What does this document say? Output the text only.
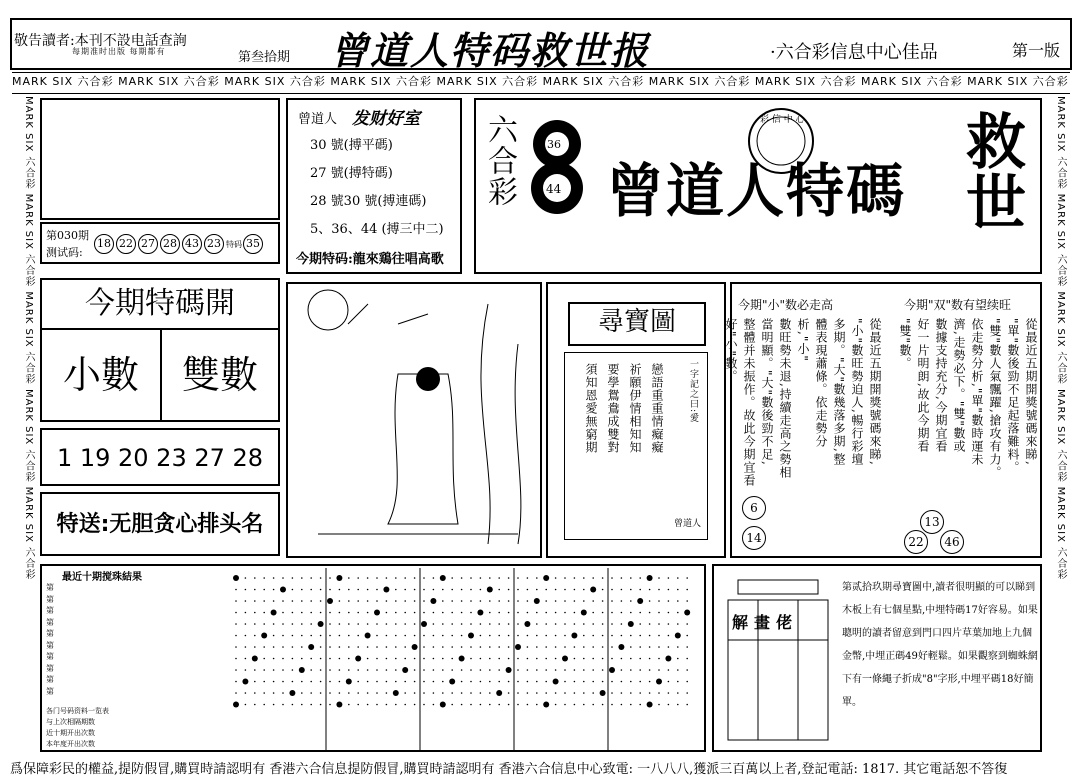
敬告讀者:本刊不設电話查詢
每期准时出版 每期都有	第叁拾期 曾道人特码救世报	·六合彩信息中心佳品	第一版
MARK SIX 六合彩 MARK SIX 六合彩 MARK SIX 六合彩 MARK SIX 六合彩 MARK SIX 六合彩 MARK SIX 六合彩 MARK SIX 六合彩 MARK SIX 六合彩 MARK SIX 六合彩 MARK SIX 六合彩
MARK SIX 六合彩 MARK SIX 六合彩 MARK SIX 六合彩 MARK SIX 六合彩 MARK SIX 六合彩	MARK SIX 六合彩 MARK SIX 六合彩 MARK SIX 六合彩 MARK SIX 六合彩 MARK SIX 六合彩
第030期
测试码:
18 22 27 28 43 23 特码 35
曾道人 发财好室
30 號(搏平碼)
27 號(搏特碼)
28 號30 號(搏連碼)
5、36、44 (搏三中二)
今期特码:龍來鶏往唱高歌
六合彩
36
44 曾道人特碼 救世
彩 信 中 心
今期特碼開
小數	雙數
1 19 20 23 27 28
特送:无胆贪心排头名
尋寶圖
一字記之曰:愛
戀語重重情癡癡
祈願伊情相知知
要學鴛鴦成雙對
須知恩愛無窮期
曾道人
今期"小"数必走高	今期"双"数有望续旺
從最近五期開獎號碼來睇,
"小"數旺勢迫人,暢行彩壇
多期。"大"數幾落多期,整
體表現蕭條。依走勢分析,"小"
數旺勢未退,持續走高之勢相
當明顯。"大"數後勁不足,
整體并未振作。故此今期宜看
好"小"數。	從最近五期開獎號碼來睇,
"單"數後勁不足起落難料。
"雙"數人氣飄躍,搶攻有力。
依走勢分析,"單"數時運未
濟,走勢必下。"雙"數或
數據支持充分,今期宜看
好一片明朗,故此今期看
"雙"數。
6
14
13
22	46
最近十期搅珠結果
第
第
第
第
第
第
第
第
第
第
各门号码资料一览表
与上次相隔期数
近十期开出次数
本年度开出次数
解畫佬
第贰拾玖期尋寶圖中,讀者很明顯的可以睇到木板上有七個星點,中埋特碼17好容易。如果聰明的讀者留意到門口四片草葉加地上九個金幣,中埋正碼49好輕鬆。如果觀察到蜘蛛網下有一條繩子折成"8"字形,中埋平碼18好簡單。
爲保障彩民的權益,提防假冒,購買時請認明有 香港六合信息提防假冒,購買時請認明有 香港六合信息中心致電: 一八八八,獲派三百萬以上者,登記電話: 1817. 其它電話恕不答復
